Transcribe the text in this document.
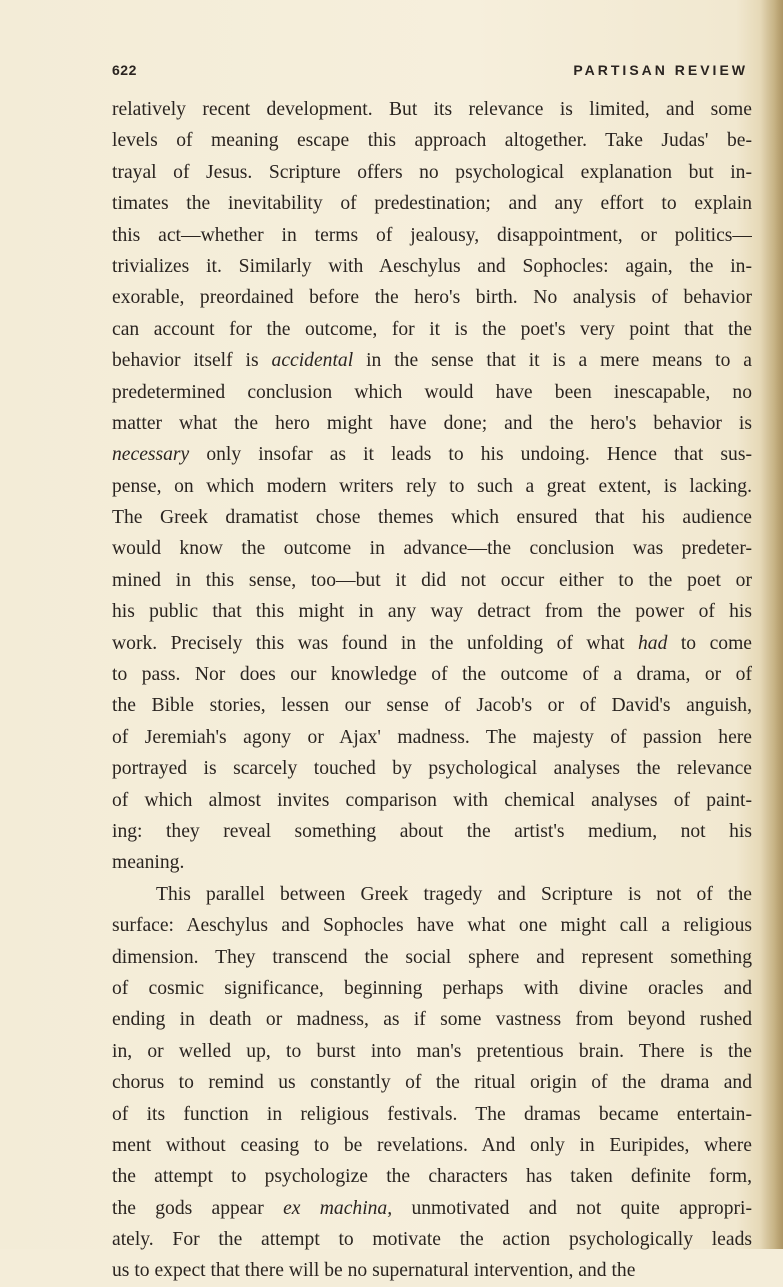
622	PARTISAN REVIEW
relatively recent development. But its relevance is limited, and some
levels of meaning escape this approach altogether. Take Judas' be-
trayal of Jesus. Scripture offers no psychological explanation but in-
timates the inevitability of predestination; and any effort to explain
this act—whether in terms of jealousy, disappointment, or politics—
trivializes it. Similarly with Aeschylus and Sophocles: again, the in-
exorable, preordained before the hero's birth. No analysis of behavior
can account for the outcome, for it is the poet's very point that the
behavior itself is accidental in the sense that it is a mere means to a
predetermined conclusion which would have been inescapable, no
matter what the hero might have done; and the hero's behavior is
necessary only insofar as it leads to his undoing. Hence that sus-
pense, on which modern writers rely to such a great extent, is lacking.
The Greek dramatist chose themes which ensured that his audience
would know the outcome in advance—the conclusion was predeter-
mined in this sense, too—but it did not occur either to the poet or
his public that this might in any way detract from the power of his
work. Precisely this was found in the unfolding of what had to come
to pass. Nor does our knowledge of the outcome of a drama, or of
the Bible stories, lessen our sense of Jacob's or of David's anguish,
of Jeremiah's agony or Ajax' madness. The majesty of passion here
portrayed is scarcely touched by psychological analyses the relevance
of which almost invites comparison with chemical analyses of paint-
ing: they reveal something about the artist's medium, not his
meaning.
This parallel between Greek tragedy and Scripture is not of the
surface: Aeschylus and Sophocles have what one might call a religious
dimension. They transcend the social sphere and represent something
of cosmic significance, beginning perhaps with divine oracles and
ending in death or madness, as if some vastness from beyond rushed
in, or welled up, to burst into man's pretentious brain. There is the
chorus to remind us constantly of the ritual origin of the drama and
of its function in religious festivals. The dramas became entertain-
ment without ceasing to be revelations. And only in Euripides, where
the attempt to psychologize the characters has taken definite form,
the gods appear ex machina, unmotivated and not quite appropri-
ately. For the attempt to motivate the action psychologically leads
us to expect that there will be no supernatural intervention, and the
